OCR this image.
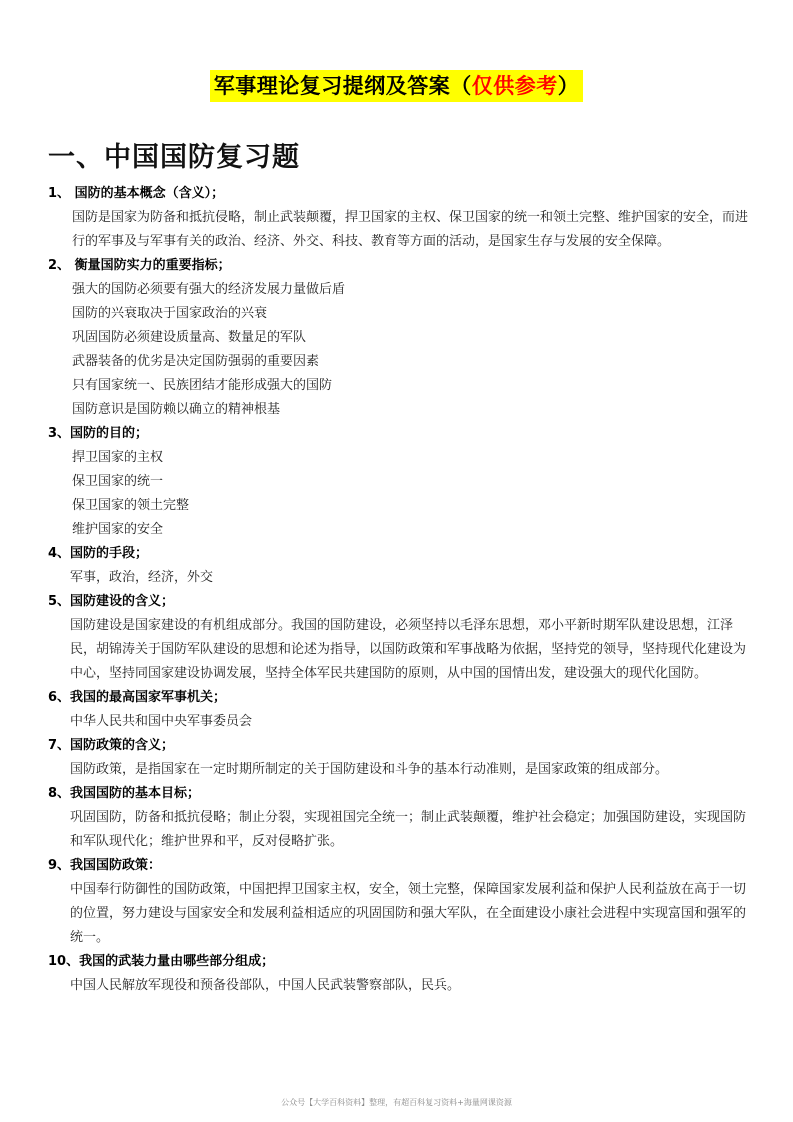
军事理论复习提纲及答案（仅供参考）
一、中国国防复习题
1、 国防的基本概念（含义）；

国防是国家为防备和抵抗侵略，制止武装颠覆，捍卫国家的主权、保卫国家的统一和领土完整、维护国家的安全，而进行的军事及与军事有关的政治、经济、外交、科技、教育等方面的活动，是国家生存与发展的安全保障。

2、 衡量国防实力的重要指标；

强大的国防必须要有强大的经济发展力量做后盾

国防的兴衰取决于国家政治的兴衰

巩固国防必须建设质量高、数量足的军队

武器装备的优劣是决定国防强弱的重要因素

只有国家统一、民族团结才能形成强大的国防

国防意识是国防赖以确立的精神根基

3、国防的目的；

捍卫国家的主权

保卫国家的统一

保卫国家的领土完整

维护国家的安全

4、国防的手段；

军事，政治，经济，外交

5、国防建设的含义；

国防建设是国家建设的有机组成部分。我国的国防建设，必须坚持以毛泽东思想，邓小平新时期军队建设思想，江泽民，胡锦涛关于国防军队建设的思想和论述为指导，以国防政策和军事战略为依据，坚持党的领导，坚持现代化建设为中心，坚持同国家建设协调发展，坚持全体军民共建国防的原则，从中国的国情出发，建设强大的现代化国防。

6、我国的最高国家军事机关；

中华人民共和国中央军事委员会

7、国防政策的含义；

国防政策，是指国家在一定时期所制定的关于国防建设和斗争的基本行动准则，是国家政策的组成部分。

8、我国国防的基本目标；

巩固国防，防备和抵抗侵略；制止分裂，实现祖国完全统一；制止武装颠覆，维护社会稳定；加强国防建设，实现国防和军队现代化；维护世界和平，反对侵略扩张。

9、我国国防政策：

中国奉行防御性的国防政策，中国把捍卫国家主权，安全，领土完整，保障国家发展利益和保护人民利益放在高于一切的位置，努力建设与国家安全和发展利益相适应的巩固国防和强大军队，在全面建设小康社会进程中实现富国和强军的统一。

10、我国的武装力量由哪些部分组成；

中国人民解放军现役和预备役部队，中国人民武装警察部队，民兵。

公众号【大学百科资料】整理，有超百科复习资料+海量网课资源
